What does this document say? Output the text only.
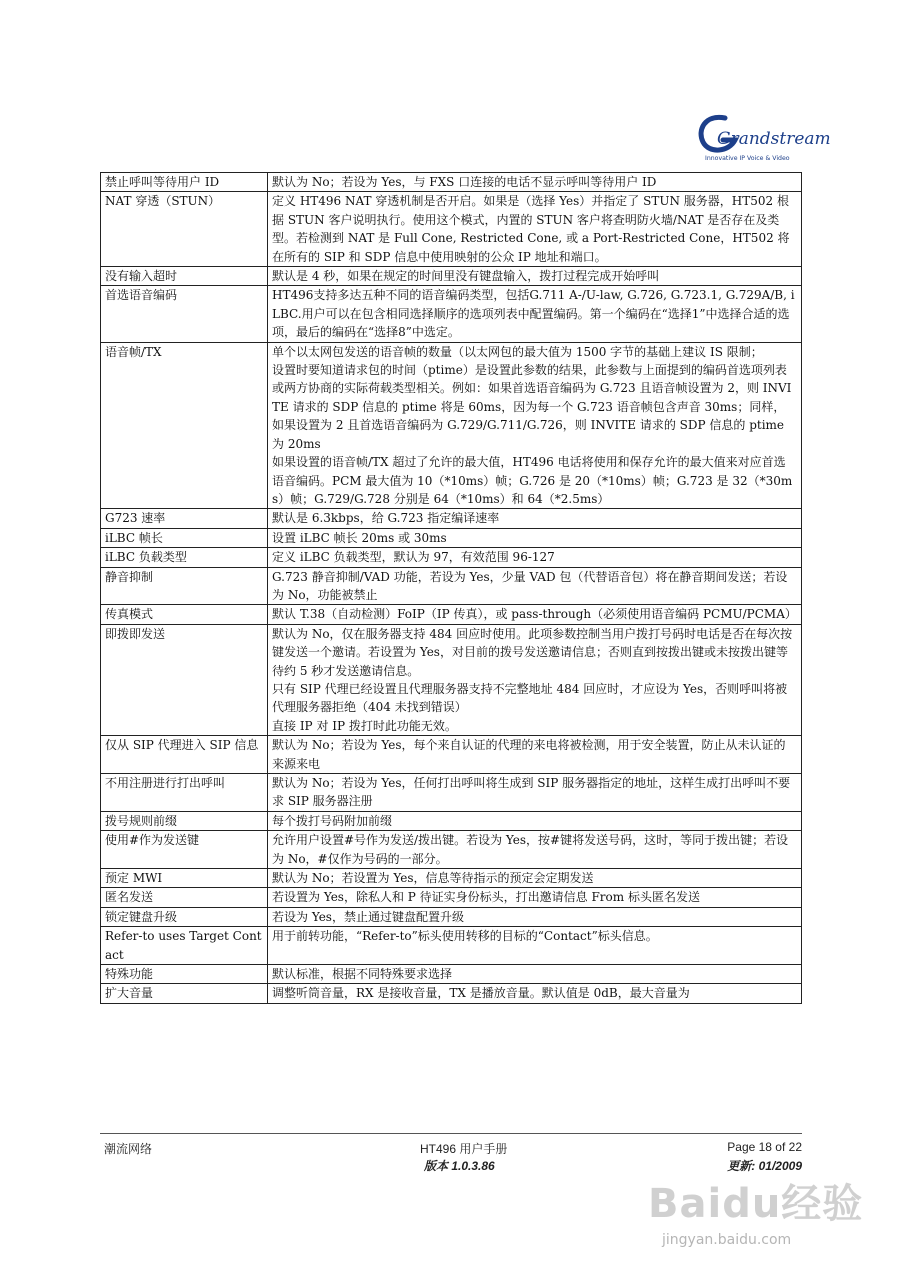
Grandstream
Innovative IP Voice & Video
禁止呼叫等待用户 ID	默认为 No；若设为 Yes，与 FXS 口连接的电话不显示呼叫等待用户 ID

NAT 穿透（STUN）	定义 HT496 NAT 穿透机制是否开启。如果是（选择 Yes）并指定了 STUN 服务器，HT502 根据 STUN 客户说明执行。使用这个模式，内置的 STUN 客户将查明防火墙/NAT 是否存在及类型。若检测到 NAT 是 Full Cone, Restricted Cone, 或 a Port-Restricted Cone，HT502 将在所有的 SIP 和 SDP 信息中使用映射的公众 IP 地址和端口。

没有输入超时	默认是 4 秒，如果在规定的时间里没有键盘输入，拨打过程完成开始呼叫

首选语音编码	HT496支持多达五种不同的语音编码类型，包括G.711 A-/U-law, G.726, G.723.1, G.729A/B, iLBC.用户可以在包含相同选择顺序的选项列表中配置编码。第一个编码在“选择1”中选择合适的选项，最后的编码在“选择8”中选定。

语音帧/TX	单个以太网包发送的语音帧的数量（以太网包的最大值为 1500 字节的基础上建议 IS 限制；
设置时要知道请求包的时间（ptime）是设置此参数的结果，此参数与上面提到的编码首选项列表或两方协商的实际荷载类型相关。例如：如果首选语音编码为 G.723 且语音帧设置为 2，则 INVITE 请求的 SDP 信息的 ptime 将是 60ms，因为每一个 G.723 语音帧包含声音 30ms；同样，如果设置为 2 且首选语音编码为 G.729/G.711/G.726，则 INVITE 请求的 SDP 信息的 ptime 为 20ms
如果设置的语音帧/TX 超过了允许的最大值，HT496 电话将使用和保存允许的最大值来对应首选语音编码。PCM 最大值为 10（*10ms）帧；G.726 是 20（*10ms）帧；G.723 是 32（*30ms）帧；G.729/G.728 分别是 64（*10ms）和 64（*2.5ms）

G723 速率	默认是 6.3kbps，给 G.723 指定编译速率

iLBC 帧长	设置 iLBC 帧长 20ms 或 30ms

iLBC 负载类型	定义 iLBC 负载类型，默认为 97，有效范围 96-127

静音抑制	G.723 静音抑制/VAD 功能，若设为 Yes，少量 VAD 包（代替语音包）将在静音期间发送；若设为 No，功能被禁止

传真模式	默认 T.38（自动检测）FoIP（IP 传真），或 pass-through（必须使用语音编码 PCMU/PCMA）

即拨即发送	默认为 No，仅在服务器支持 484 回应时使用。此项参数控制当用户拨打号码时电话是否在每次按键发送一个邀请。若设置为 Yes，对目前的拨号发送邀请信息；否则直到按拨出键或未按拨出键等待约 5 秒才发送邀请信息。
只有 SIP 代理已经设置且代理服务器支持不完整地址 484 回应时，才应设为 Yes，否则呼叫将被代理服务器拒绝（404 未找到错误）
直接 IP 对 IP 拨打时此功能无效。

仅从 SIP 代理进入 SIP 信息	默认为 No；若设为 Yes，每个来自认证的代理的来电将被检测，用于安全装置，防止从未认证的来源来电

不用注册进行打出呼叫	默认为 No；若设为 Yes，任何打出呼叫将生成到 SIP 服务器指定的地址，这样生成打出呼叫不要求 SIP 服务器注册

拨号规则前缀	每个拨打号码附加前缀

使用#作为发送键	允许用户设置#号作为发送/拨出键。若设为 Yes，按#键将发送号码，这时，等同于拨出键；若设为 No，#仅作为号码的一部分。

预定 MWI	默认为 No；若设置为 Yes，信息等待指示的预定会定期发送

匿名发送	若设置为 Yes，除私人和 P 待证实身份标头，打出邀请信息 From 标头匿名发送

锁定键盘升级	若设为 Yes，禁止通过键盘配置升级

Refer-to uses Target Contact	用于前转功能，“Refer-to”标头使用转移的目标的“Contact”标头信息。

特殊功能	默认标准，根据不同特殊要求选择

扩大音量	调整听筒音量，RX 是接收音量，TX 是播放音量。默认值是 0dB，最大音量为
潮流网络	HT496 用户手册	Page 18 of 22
版本 1.0.3.86	更新: 01/2009
Baidu经验
jingyan.baidu.com
